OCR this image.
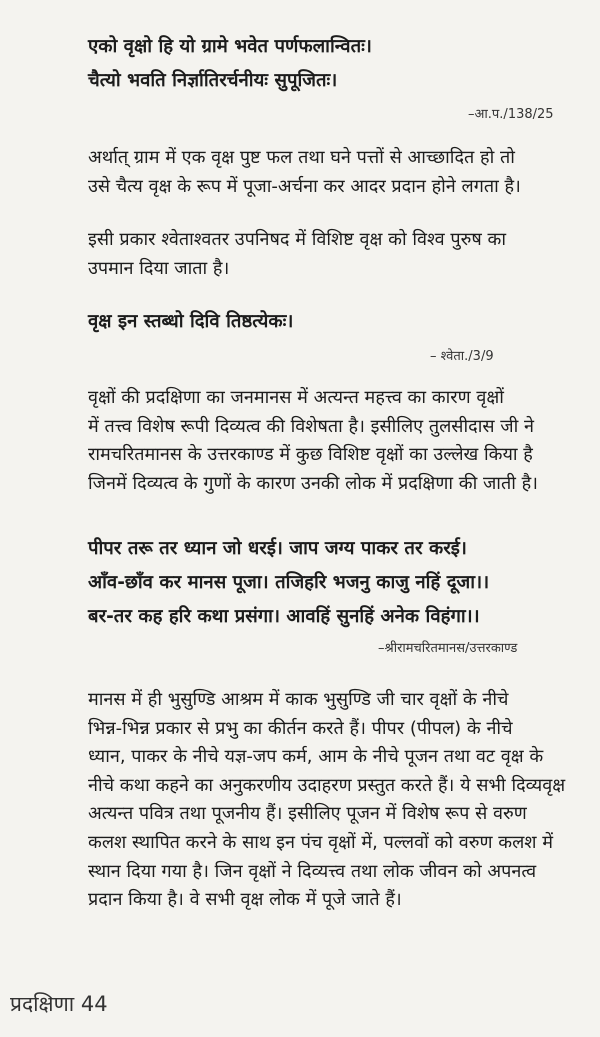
एको वृक्षो हि यो ग्रामे भवेत पर्णफलान्वितः।
चैत्यो भवति निर्ज्ञातिरर्चनीयः सुपूजितः।
–आ.प./138/25
अर्थात् ग्राम में एक वृक्ष पुष्ट फल तथा घने पत्तों से आच्छादित हो तो
उसे चैत्य वृक्ष के रूप में पूजा-अर्चना कर आदर प्रदान होने लगता है।
इसी प्रकार श्वेताश्वतर उपनिषद में विशिष्ट वृक्ष को विश्व पुरुष का
उपमान दिया जाता है।
वृक्ष इन स्तब्धो दिवि तिष्ठत्येकः।
– श्वेता./3/9
वृक्षों की प्रदक्षिणा का जनमानस में अत्यन्त महत्त्व का कारण वृक्षों
में तत्त्व विशेष रूपी दिव्यत्व की विशेषता है। इसीलिए तुलसीदास जी ने
रामचरितमानस के उत्तरकाण्ड में कुछ विशिष्ट वृक्षों का उल्लेख किया है
जिनमें दिव्यत्व के गुणों के कारण उनकी लोक में प्रदक्षिणा की जाती है।
पीपर तरू तर ध्यान जो धरई। जाप जग्य पाकर तर करई।
आँव-छाँव कर मानस पूजा। तजिहरि भजनु काजु नहिं दूजा।।
बर-तर कह हरि कथा प्रसंगा। आवहिं सुनहिं अनेक विहंगा।।
–श्रीरामचरितमानस/उत्तरकाण्ड
मानस में ही भुसुण्डि आश्रम में काक भुसुण्डि जी चार वृक्षों के नीचे
भिन्न-भिन्न प्रकार से प्रभु का कीर्तन करते हैं। पीपर (पीपल) के नीचे
ध्यान, पाकर के नीचे यज्ञ-जप कर्म, आम के नीचे पूजन तथा वट वृक्ष के
नीचे कथा कहने का अनुकरणीय उदाहरण प्रस्तुत करते हैं। ये सभी दिव्यवृक्ष
अत्यन्त पवित्र तथा पूजनीय हैं। इसीलिए पूजन में विशेष रूप से वरुण
कलश स्थापित करने के साथ इन पंच वृक्षों में, पल्लवों को वरुण कलश में
स्थान दिया गया है। जिन वृक्षों ने दिव्यत्त्व तथा लोक जीवन को अपनत्व
प्रदान किया है। वे सभी वृक्ष लोक में पूजे जाते हैं।
प्रदक्षिणा 44
